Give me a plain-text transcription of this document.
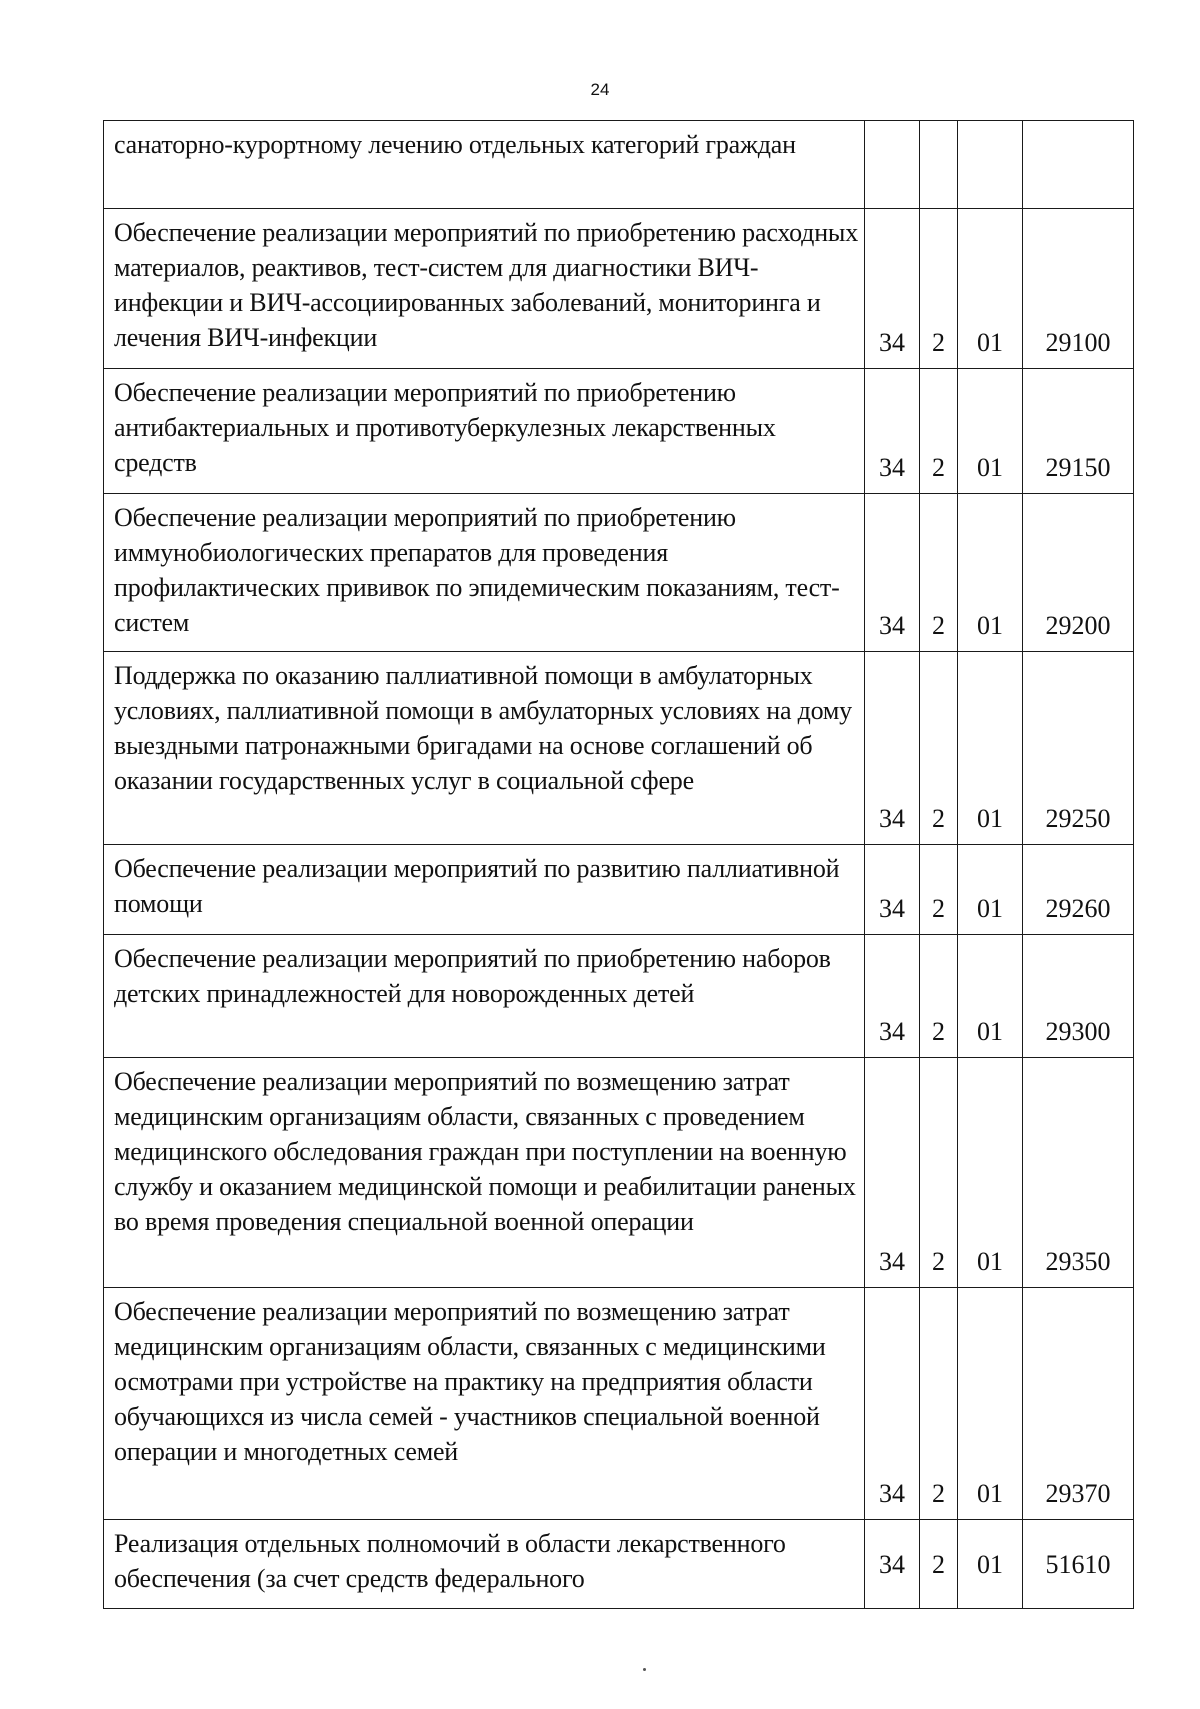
24
санаторно-курортному лечению отдельных категорий граждан				
Обеспечение реализации мероприятий по приобретению расходных материалов, реактивов, тест-систем для диагностики ВИЧ-инфекции и ВИЧ-ассоциированных заболеваний, мониторинга и лечения ВИЧ-инфекции	34	2	01	29100
Обеспечение реализации мероприятий по приобретению антибактериальных и противотуберкулезных лекарственных средств	34	2	01	29150
Обеспечение реализации мероприятий по приобретению иммунобиологических препаратов для проведения профилактических прививок по эпидемическим показаниям, тест-систем	34	2	01	29200
Поддержка по оказанию паллиативной помощи в амбулаторных условиях, паллиативной помощи в амбулаторных условиях на дому выездными патронажными бригадами на основе соглашений об оказании государственных услуг в социальной сфере	34	2	01	29250
Обеспечение реализации мероприятий по развитию паллиативной помощи	34	2	01	29260
Обеспечение реализации мероприятий по приобретению наборов детских принадлежностей для новорожденных детей	34	2	01	29300
Обеспечение реализации мероприятий по возмещению затрат медицинским организациям области, связанных с проведением медицинского обследования граждан при поступлении на военную службу и оказанием медицинской помощи и реабилитации раненых во время проведения специальной военной операции	34	2	01	29350
Обеспечение реализации мероприятий по возмещению затрат медицинским организациям области, связанных с медицинскими осмотрами при устройстве на практику на предприятия области обучающихся из числа семей - участников специальной военной операции и многодетных семей	34	2	01	29370
Реализация отдельных полномочий в области лекарственного обеспечения (за счет средств федерального	34	2	01	51610
